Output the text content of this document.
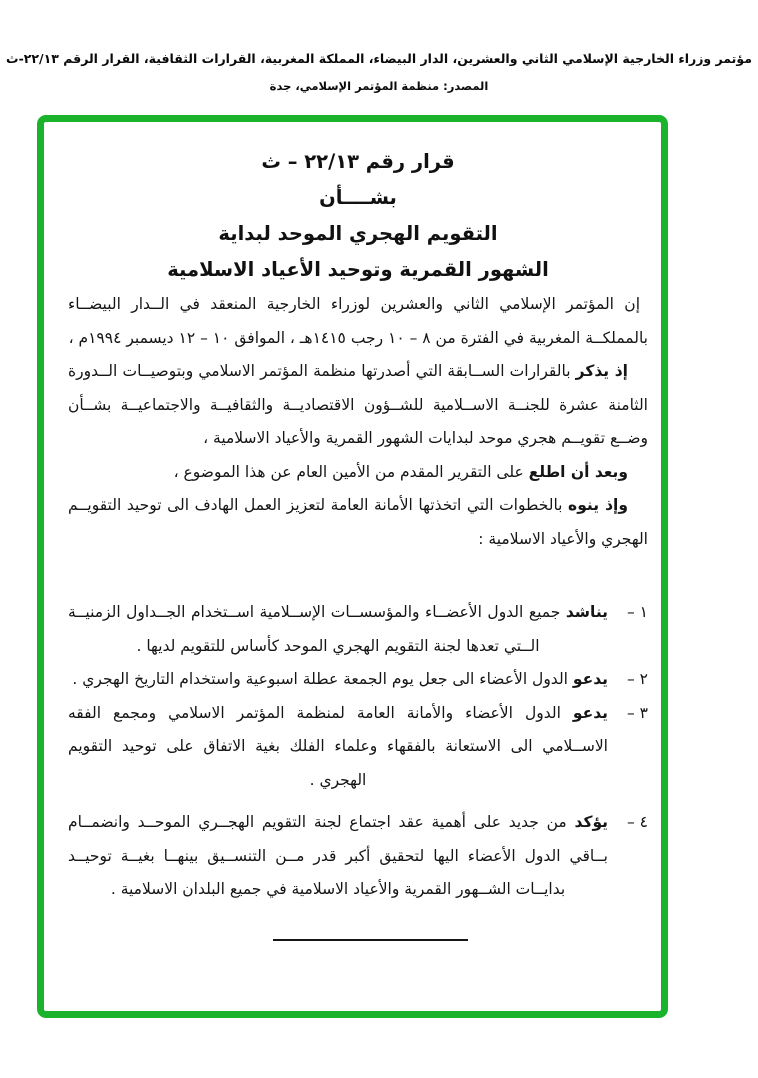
مؤتمر وزراء الخارجية الإسلامي الثاني والعشرين، الدار البيضاء، المملكة المغربية، القرارات الثقافية، القرار الرقم ٢٢/١٣-ث
المصدر: منظمة المؤتمر الإسلامي، جدة
قرار رقم ٢٢/١٣ – ث
بشــــأن
التقويم الهجري الموحد لبداية
الشهور القمرية وتوحيد الأعياد الاسلامية

إن المؤتمر الإسلامي الثاني والعشرين لوزراء الخارجية المنعقد في الــدار البيضــاء بالمملكــة المغربية في الفترة من ٨ – ١٠ رجب ١٤١٥هـ ، الموافق ١٠ – ١٢ ديسمبر ١٩٩٤م ،

إذ يذكر بالقرارات الســابقة التي أصدرتها منظمة المؤتمر الاسلامي وبتوصيــات الــدورة الثامنة عشرة للجنــة الاســلامية للشــؤون الاقتصاديــة والثقافيــة والاجتماعيــة بشــأن وضــع تقويــم هجري موحد لبدايات الشهور القمرية والأعياد الاسلامية ،

وبعد أن اطلع على التقرير المقدم من الأمين العام عن هذا الموضوع ،

وإذ ينوه بالخطوات التي اتخذتها الأمانة العامة لتعزيز العمل الهادف الى توحيد التقويــم الهجري والأعياد الاسلامية :

١ –
يناشد جميع الدول الأعضــاء والمؤسســات الإســلامية اســتخدام الجــداول الزمنيــة الــتي تعدها لجنة التقويم الهجري الموحد كأساس للتقويم لديها .
٢ –
يدعو الدول الأعضاء الى جعل يوم الجمعة عطلة اسبوعية واستخدام التاريخ الهجري .
٣ –
يدعو الدول الأعضاء والأمانة العامة لمنظمة المؤتمر الاسلامي ومجمع الفقه الاســلامي الى الاستعانة بالفقهاء وعلماء الفلك بغية الاتفاق على توحيد التقويم الهجري .
٤ –
يؤكد من جديد على أهمية عقد اجتماع لجنة التقويم الهجــري الموحــد وانضمــام بــاقي الدول الأعضاء اليها لتحقيق أكبر قدر مــن التنســيق بينهــا بغيــة توحيــد بدايــات الشــهور القمرية والأعياد الاسلامية في جميع البلدان الاسلامية .
